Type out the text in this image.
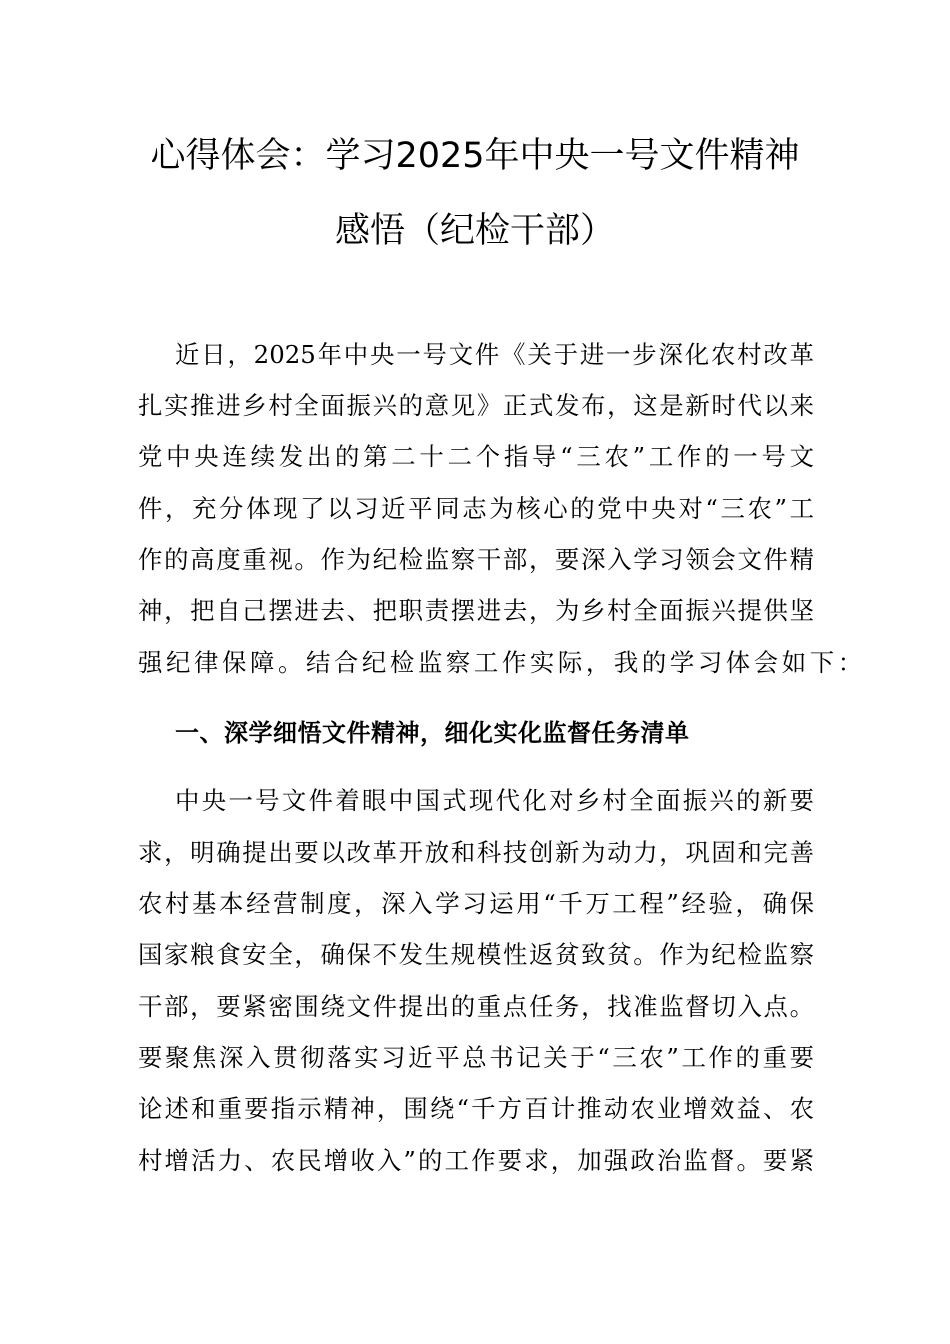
心得体会：学习2025年中央一号文件精神
感悟（纪检干部）
近日，2025年中央一号文件《关于进一步深化农村改革
扎实推进乡村全面振兴的意见》正式发布，这是新时代以来
党中央连续发出的第二十二个指导“三农”工作的一号文
件，充分体现了以习近平同志为核心的党中央对“三农”工
作的高度重视。作为纪检监察干部，要深入学习领会文件精
神，把自己摆进去、把职责摆进去，为乡村全面振兴提供坚
强纪律保障。结合纪检监察工作实际，我的学习体会如下：
一、深学细悟文件精神，细化实化监督任务清单
中央一号文件着眼中国式现代化对乡村全面振兴的新要
求，明确提出要以改革开放和科技创新为动力，巩固和完善
农村基本经营制度，深入学习运用“千万工程”经验，确保
国家粮食安全，确保不发生规模性返贫致贫。作为纪检监察
干部，要紧密围绕文件提出的重点任务，找准监督切入点。
要聚焦深入贯彻落实习近平总书记关于“三农”工作的重要
论述和重要指示精神，围绕“千方百计推动农业增效益、农
村增活力、农民增收入”的工作要求，加强政治监督。要紧
